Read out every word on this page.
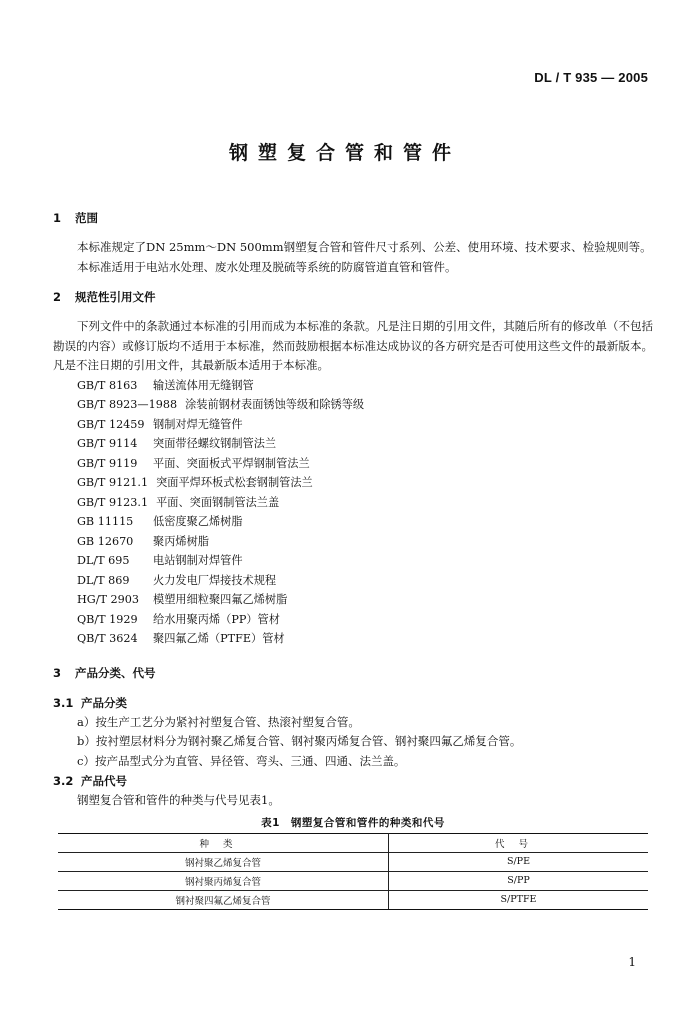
DL / T 935 — 2005
钢塑复合管和管件

1 范围

本标准规定了DN 25mm～DN 500mm钢塑复合管和管件尺寸系列、公差、使用环境、技术要求、检验规则等。

本标准适用于电站水处理、废水处理及脱硫等系统的防腐管道直管和管件。

2 规范性引用文件

下列文件中的条款通过本标准的引用而成为本标准的条款。凡是注日期的引用文件，其随后所有的修改单（不包括勘误的内容）或修订版均不适用于本标准，然而鼓励根据本标准达成协议的各方研究是否可使用这些文件的最新版本。凡是不注日期的引用文件，其最新版本适用于本标准。

GB/T 8163 输送流体用无缝钢管
GB/T 8923—1988 涂装前钢材表面锈蚀等级和除锈等级
GB/T 12459 钢制对焊无缝管件
GB/T 9114 突面带径螺纹钢制管法兰
GB/T 9119 平面、突面板式平焊钢制管法兰
GB/T 9121.1 突面平焊环板式松套钢制管法兰
GB/T 9123.1 平面、突面钢制管法兰盖
GB 11115 低密度聚乙烯树脂
GB 12670 聚丙烯树脂
DL/T 695 电站钢制对焊管件
DL/T 869 火力发电厂焊接技术规程
HG/T 2903 模塑用细粒聚四氟乙烯树脂
QB/T 1929 给水用聚丙烯（PP）管材
QB/T 3624 聚四氟乙烯（PTFE）管材

3 产品分类、代号

3.1 产品分类

a）按生产工艺分为紧衬衬塑复合管、热滚衬塑复合管。

b）按衬塑层材料分为钢衬聚乙烯复合管、钢衬聚丙烯复合管、钢衬聚四氟乙烯复合管。

c）按产品型式分为直管、异径管、弯头、三通、四通、法兰盖。

3.2 产品代号

钢塑复合管和管件的种类与代号见表1。

表1　钢塑复合管和管件的种类和代号
种类	代号
钢衬聚乙烯复合管	S/PE
钢衬聚丙烯复合管	S/PP
钢衬聚四氟乙烯复合管	S/PTFE
1
